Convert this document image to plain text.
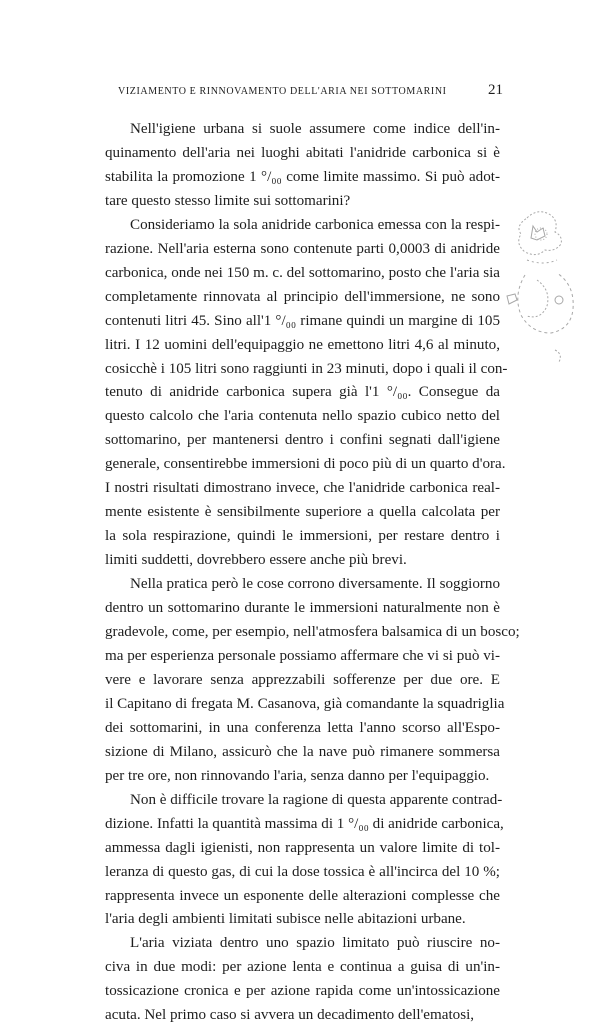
VIZIAMENTO E RINNOVAMENTO DELL'ARIA NEI SOTTOMARINI	21

Nell'igiene urbana si suole assumere come indice dell'in-
quinamento dell'aria nei luoghi abitati l'anidride carbonica si è
stabilita la promozione 1 °/₀₀ come limite massimo. Si può adot-
tare questo stesso limite sui sottomarini?

Consideriamo la sola anidride carbonica emessa con la respi-
razione. Nell'aria esterna sono contenute parti 0,0003 di anidride
carbonica, onde nei 150 m. c. del sottomarino, posto che l'aria sia
completamente rinnovata al principio dell'immersione, ne sono
contenuti litri 45. Sino all'1 °/₀₀ rimane quindi un margine di 105
litri. I 12 uomini dell'equipaggio ne emettono litri 4,6 al minuto,
cosicchè i 105 litri sono raggiunti in 23 minuti, dopo i quali il con-
tenuto di anidride carbonica supera già l'1 °/₀₀. Consegue da
questo calcolo che l'aria contenuta nello spazio cubico netto del
sottomarino, per mantenersi dentro i confini segnati dall'igiene
generale, consentirebbe immersioni di poco più di un quarto d'ora.
I nostri risultati dimostrano invece, che l'anidride carbonica real-
mente esistente è sensibilmente superiore a quella calcolata per
la sola respirazione, quindi le immersioni, per restare dentro i
limiti suddetti, dovrebbero essere anche più brevi.

Nella pratica però le cose corrono diversamente. Il soggiorno
dentro un sottomarino durante le immersioni naturalmente non è
gradevole, come, per esempio, nell'atmosfera balsamica di un bosco;
ma per esperienza personale possiamo affermare che vi si può vi-
vere e lavorare senza apprezzabili sofferenze per due ore. E
il Capitano di fregata M. Casanova, già comandante la squadriglia
dei sottomarini, in una conferenza letta l'anno scorso all'Espo-
sizione di Milano, assicurò che la nave può rimanere sommersa
per tre ore, non rinnovando l'aria, senza danno per l'equipaggio.

Non è difficile trovare la ragione di questa apparente contrad-
dizione. Infatti la quantità massima di 1 °/₀₀ di anidride carbonica,
ammessa dagli igienisti, non rappresenta un valore limite di tol-
leranza di questo gas, di cui la dose tossica è all'incirca del 10 %;
rappresenta invece un esponente delle alterazioni complesse che
l'aria degli ambienti limitati subisce nelle abitazioni urbane.

L'aria viziata dentro uno spazio limitato può riuscire no-
civa in due modi: per azione lenta e continua a guisa di un'in-
tossicazione cronica e per azione rapida come un'intossicazione
acuta. Nel primo caso si avvera un decadimento dell'ematosi,
